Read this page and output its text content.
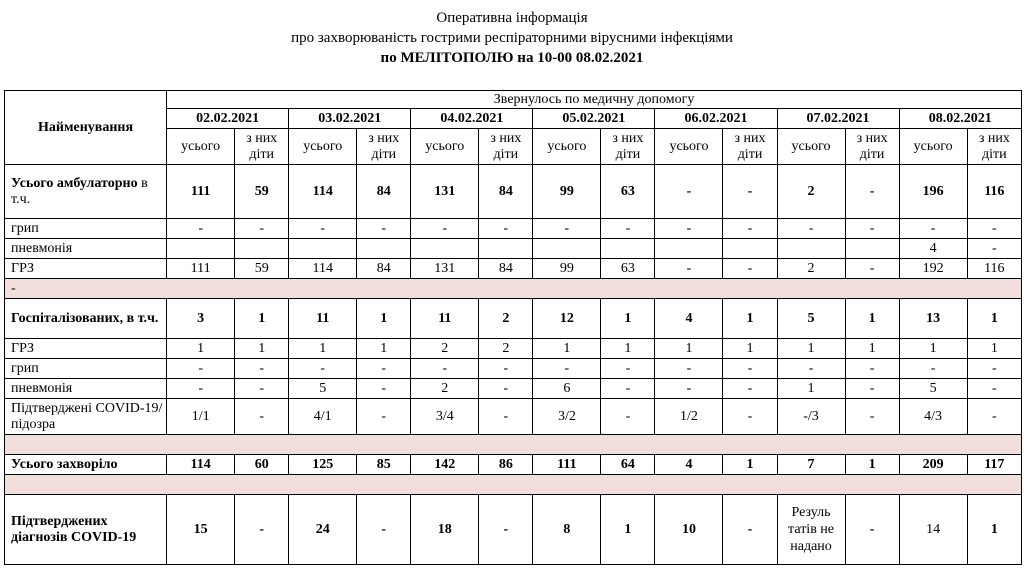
Оперативна інформація
про захворюваність гострими респіраторними вірусними інфекціями
по МЕЛІТОПОЛЮ на 10-00 08.02.2021
Найменування	Звернулось по медичну допомогу													
	02.02.2021		03.02.2021		04.02.2021		05.02.2021		06.02.2021		07.02.2021		08.02.2021	
	усього	з них діти	усього	з них діти	усього	з них діти	усього	з них діти	усього	з них діти	усього	з них діти	усього	з них діти
Усього амбулаторно в т.ч.	111	59	114	84	131	84	99	63	-	-	2	-	196	116
грип	-	-	-	-	-	-	-	-	-	-	-	-	-	-
пневмонія													4	-
ГРЗ	111	59	114	84	131	84	99	63	-	-	2	-	192	116
-														
Госпіталізованих, в т.ч.	3	1	11	1	11	2	12	1	4	1	5	1	13	1
ГРЗ	1	1	1	1	2	2	1	1	1	1	1	1	1	1
грип	-	-	-	-	-	-	-	-	-	-	-	-	-	-
пневмонія	-	-	5	-	2	-	6	-	-	-	1	-	5	-
Підтверджені COVID-19/підозра	1/1	-	4/1	-	3/4	-	3/2	-	1/2	-	-/3	-	4/3	-

Усього захворіло	114	60	125	85	142	86	111	64	4	1	7	1	209	117

Підтверджених діагнозів COVID-19	15	-	24	-	18	-	8	1	10	-	Резуль татів не надано	-	14	1
